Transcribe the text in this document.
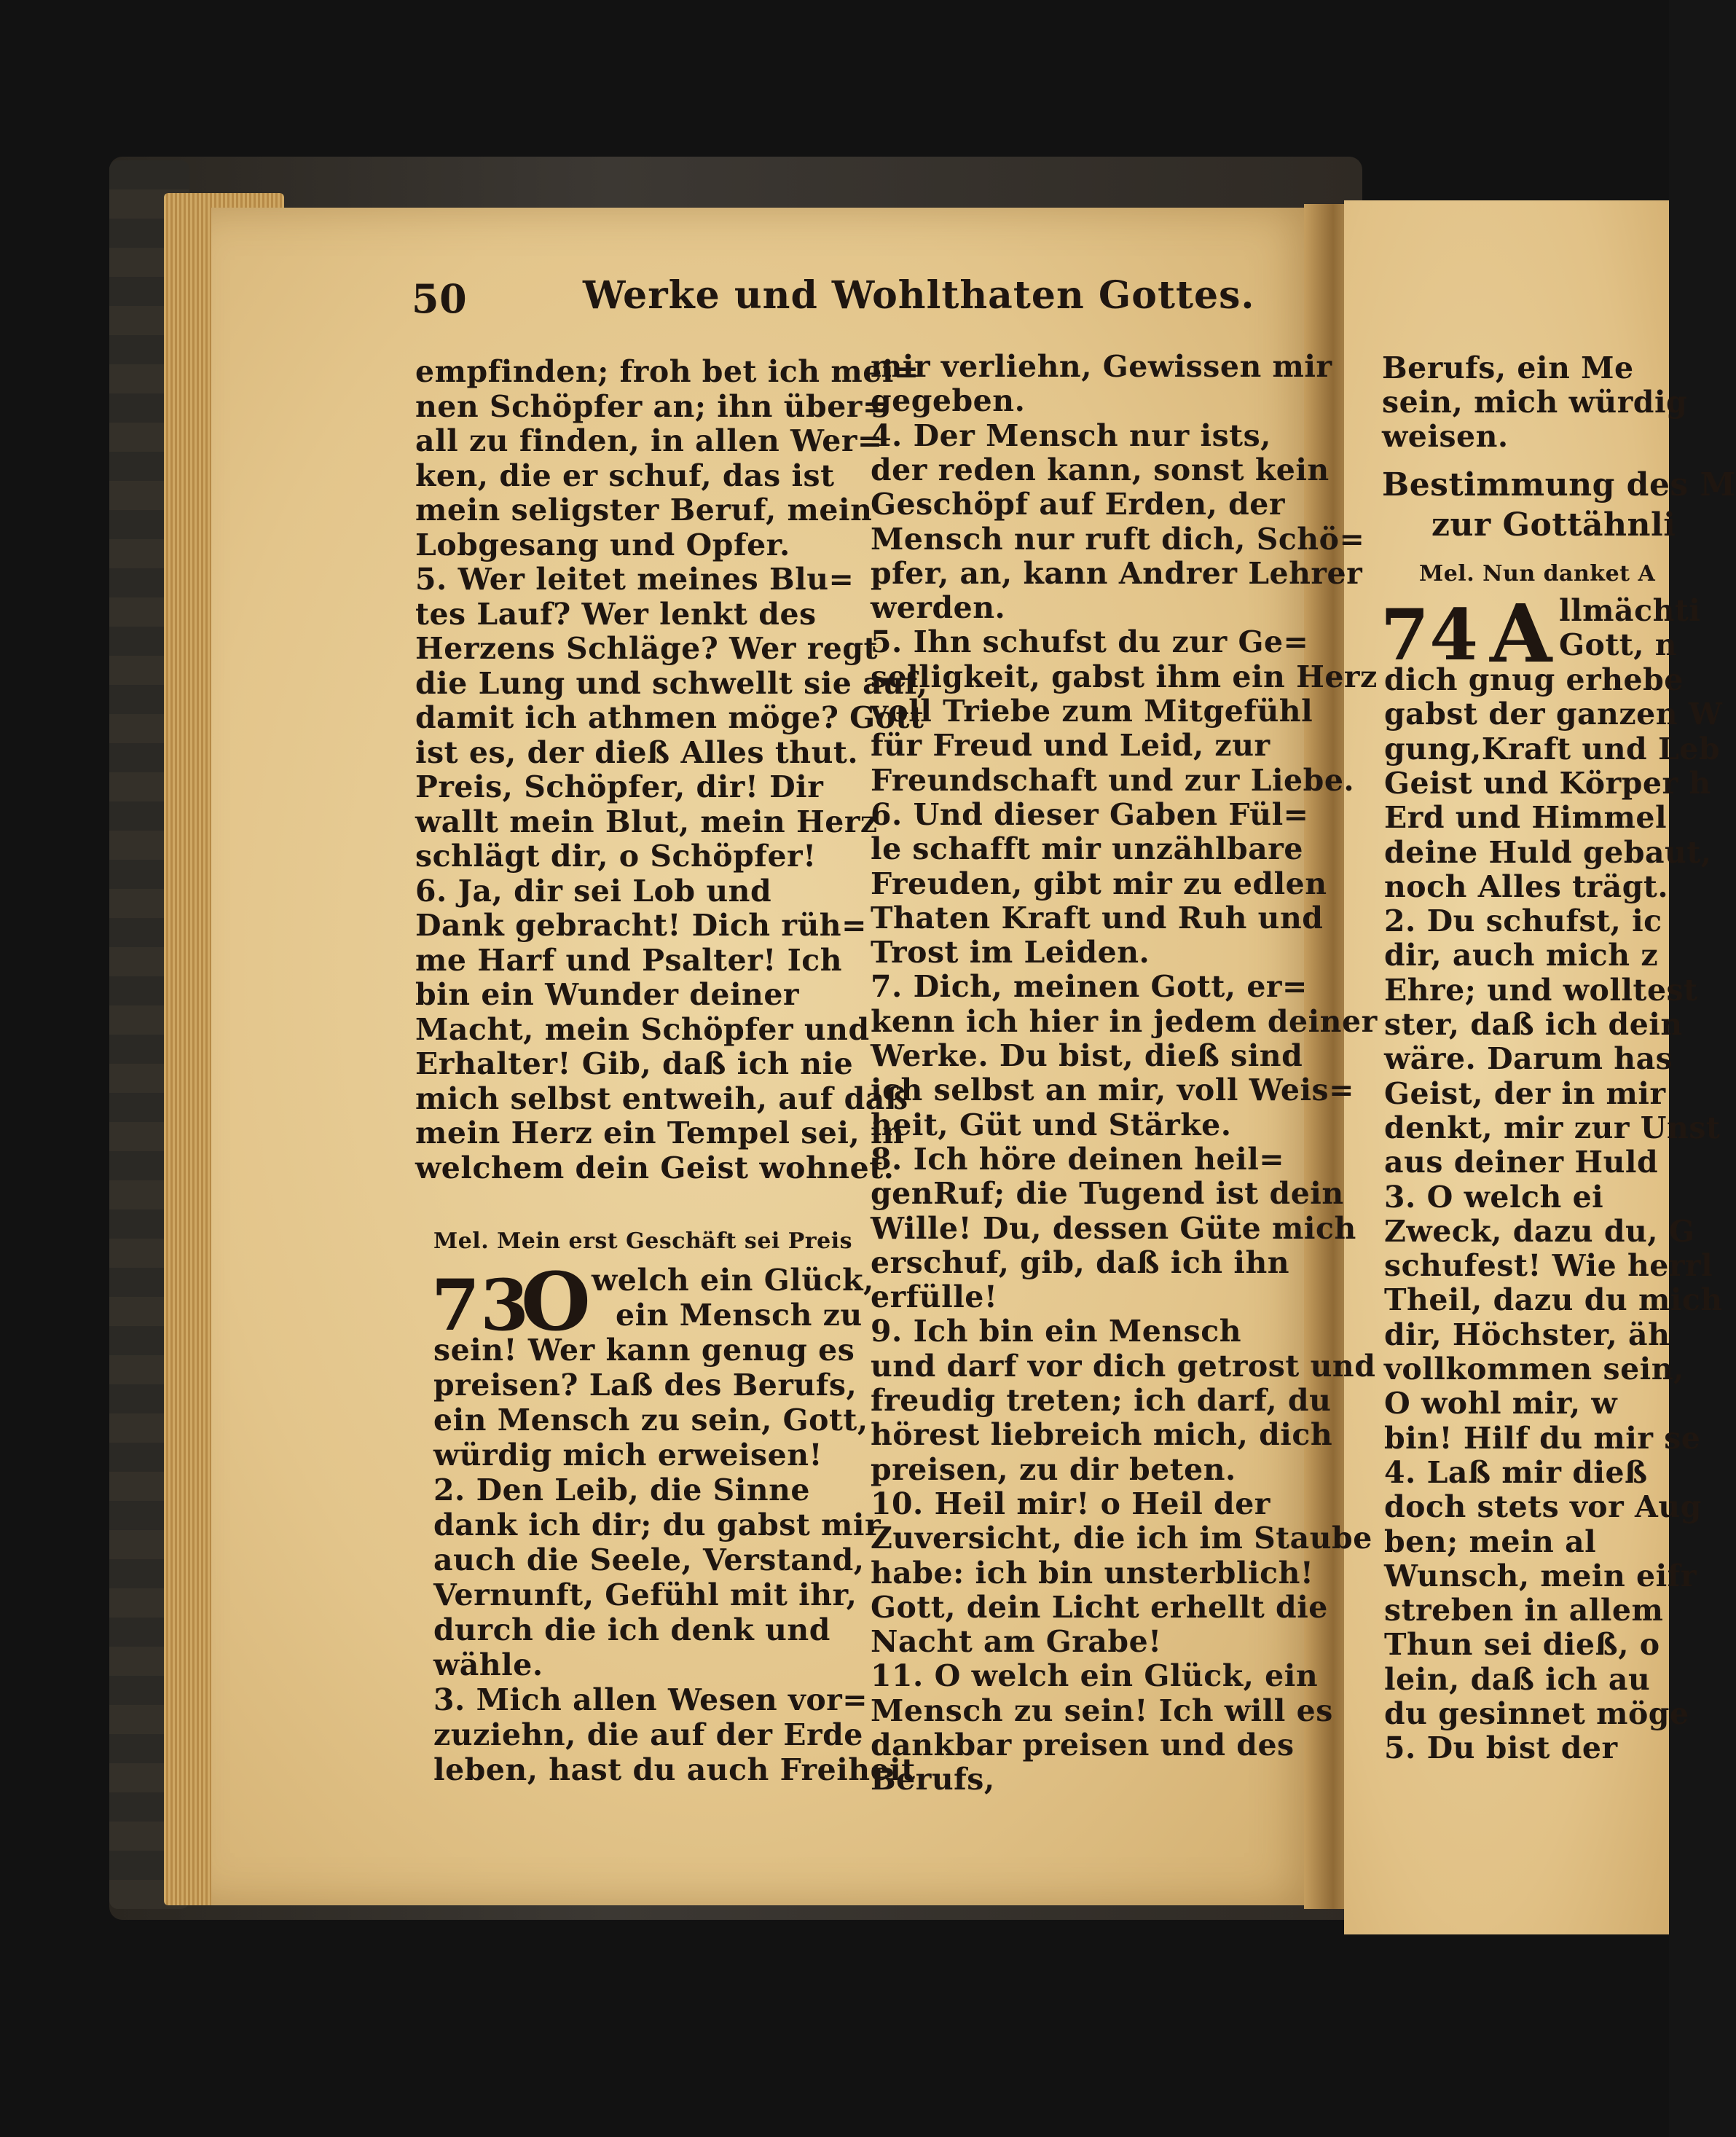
50	Werke und Wohlthaten Gottes.
empfinden; froh bet ich mei=
nen Schöpfer an; ihn über=
all zu finden, in allen Wer=
ken, die er schuf, das ist
mein seligster Beruf, mein
Lobgesang und Opfer.
5. Wer leitet meines Blu=
tes Lauf? Wer lenkt des
Herzens Schläge? Wer regt
die Lung und schwellt sie auf,
damit ich athmen möge? Gott
ist es, der dieß Alles thut.
Preis, Schöpfer, dir! Dir
wallt mein Blut, mein Herz
schlägt dir, o Schöpfer!
6. Ja, dir sei Lob und
Dank gebracht! Dich rüh=
me Harf und Psalter! Ich
bin ein Wunder deiner
Macht, mein Schöpfer und
Erhalter! Gib, daß ich nie
mich selbst entweih, auf daß
mein Herz ein Tempel sei, in
welchem dein Geist wohnet.
Mel. Mein erst Geschäft sei Preis
73
O welch ein Glück,
ein Mensch zu
sein! Wer kann genug es
preisen? Laß des Berufs,
ein Mensch zu sein, Gott,
würdig mich erweisen!
2. Den Leib, die Sinne
dank ich dir; du gabst mir
auch die Seele, Verstand,
Vernunft, Gefühl mit ihr,
durch die ich denk und
wähle.
3. Mich allen Wesen vor=
zuziehn, die auf der Erde
leben, hast du auch Freiheit
mir verliehn, Gewissen mir
gegeben.
4. Der Mensch nur ists,
der reden kann, sonst kein
Geschöpf auf Erden, der
Mensch nur ruft dich, Schö=
pfer, an, kann Andrer Lehrer
werden.
5. Ihn schufst du zur Ge=
selligkeit, gabst ihm ein Herz
voll Triebe zum Mitgefühl
für Freud und Leid, zur
Freundschaft und zur Liebe.
6. Und dieser Gaben Fül=
le schafft mir unzählbare
Freuden, gibt mir zu edlen
Thaten Kraft und Ruh und
Trost im Leiden.
7. Dich, meinen Gott, er=
kenn ich hier in jedem deiner
Werke. Du bist, dieß sind
ich selbst an mir, voll Weis=
heit, Güt und Stärke.
8. Ich höre deinen heil=
genRuf; die Tugend ist dein
Wille! Du, dessen Güte mich
erschuf, gib, daß ich ihn
erfülle!
9. Ich bin ein Mensch
und darf vor dich getrost und
freudig treten; ich darf, du
hörest liebreich mich, dich
preisen, zu dir beten.
10. Heil mir! o Heil der
Zuversicht, die ich im Staube
habe: ich bin unsterblich!
Gott, dein Licht erhellt die
Nacht am Grabe!
11. O welch ein Glück, ein
Mensch zu sein! Ich will es
dankbar preisen und des
Berufs,
Berufs, ein Me
sein, mich würdig
weisen.
Bestimmung des M
zur Gottähnli
Mel. Nun danket A
74 A llmächti
Gott, n
dich gnug erhebe
gabst der ganzen W
gung,Kraft und Leb
Geist und Körper h
Erd und Himmel
deine Huld gebaut,
noch Alles trägt.
2. Du schufst, ic
dir, auch mich z
Ehre; und wolltest
ster, daß ich dein
wäre. Darum has
Geist, der in mir
denkt, mir zur Unst
aus deiner Huld
3. O welch ei
Zweck, dazu du, G
schufest! Wie herrl
Theil, dazu du mich
dir, Höchster, äh
vollkommen sein,
O wohl mir, w
bin! Hilf du mir se
4. Laß mir dieß
doch stets vor Aug
ben; mein al
Wunsch, mein eifr
streben in allem
Thun sei dieß, o
lein, daß ich au
du gesinnet möge
5. Du bist der
